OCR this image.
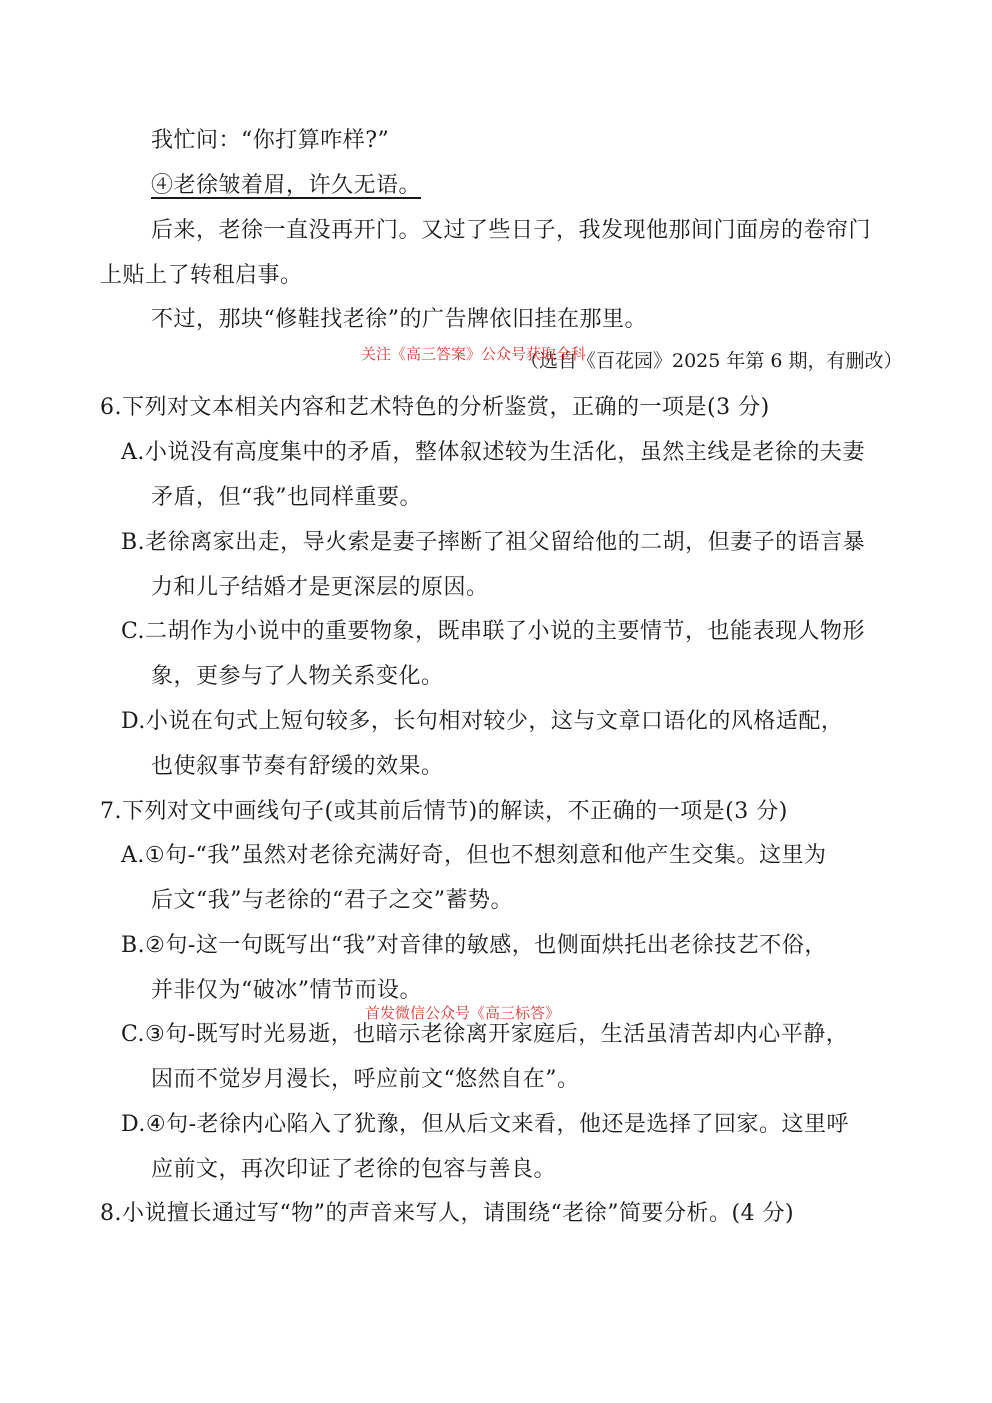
我忙问：“你打算咋样?”
④老徐皱着眉，许久无语。
后来，老徐一直没再开门。又过了些日子，我发现他那间门面房的卷帘门
上贴上了转租启事。
不过，那块“修鞋找老徐”的广告牌依旧挂在那里。
（选自《百花园》2025 年第 6 期，有删改）
关注《高三答案》公众号获取全科
6.下列对文本相关内容和艺术特色的分析鉴赏，正确的一项是(3 分)
A.小说没有高度集中的矛盾，整体叙述较为生活化，虽然主线是老徐的夫妻
矛盾，但“我”也同样重要。
B.老徐离家出走，导火索是妻子摔断了祖父留给他的二胡，但妻子的语言暴
力和儿子结婚才是更深层的原因。
C.二胡作为小说中的重要物象，既串联了小说的主要情节，也能表现人物形
象，更参与了人物关系变化。
D.小说在句式上短句较多，长句相对较少，这与文章口语化的风格适配，
也使叙事节奏有舒缓的效果。
7.下列对文中画线句子(或其前后情节)的解读，不正确的一项是(3 分)
A.①句-“我”虽然对老徐充满好奇，但也不想刻意和他产生交集。这里为
后文“我”与老徐的“君子之交”蓄势。
B.②句-这一句既写出“我”对音律的敏感，也侧面烘托出老徐技艺不俗，
并非仅为“破冰”情节而设。
首发微信公众号《高三标答》
C.③句-既写时光易逝，也暗示老徐离开家庭后，生活虽清苦却内心平静，
因而不觉岁月漫长，呼应前文“悠然自在”。
D.④句-老徐内心陷入了犹豫，但从后文来看，他还是选择了回家。这里呼
应前文，再次印证了老徐的包容与善良。
8.小说擅长通过写“物”的声音来写人，请围绕“老徐”简要分析。(4 分)
